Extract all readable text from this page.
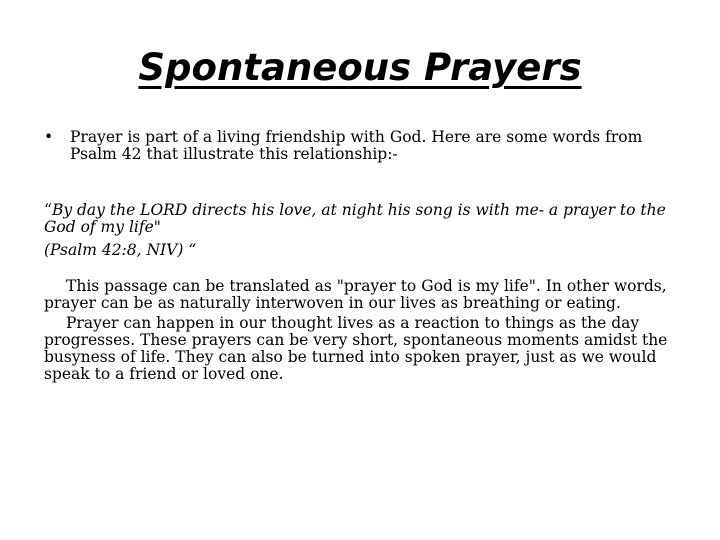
Spontaneous Prayers
• Prayer is part of a living friendship with God. Here are some words from Psalm 42 that illustrate this relationship:-

“By day the LORD directs his love, at night his song is with me- a prayer to the God of my life"

(Psalm 42:8, NIV) “

This passage can be translated as "prayer to God is my life". In other words, prayer can be as naturally interwoven in our lives as breathing or eating.

Prayer can happen in our thought lives as a reaction to things as the day progresses. These prayers can be very short, spontaneous moments amidst the busyness of life. They can also be turned into spoken prayer, just as we would speak to a friend or loved one.
